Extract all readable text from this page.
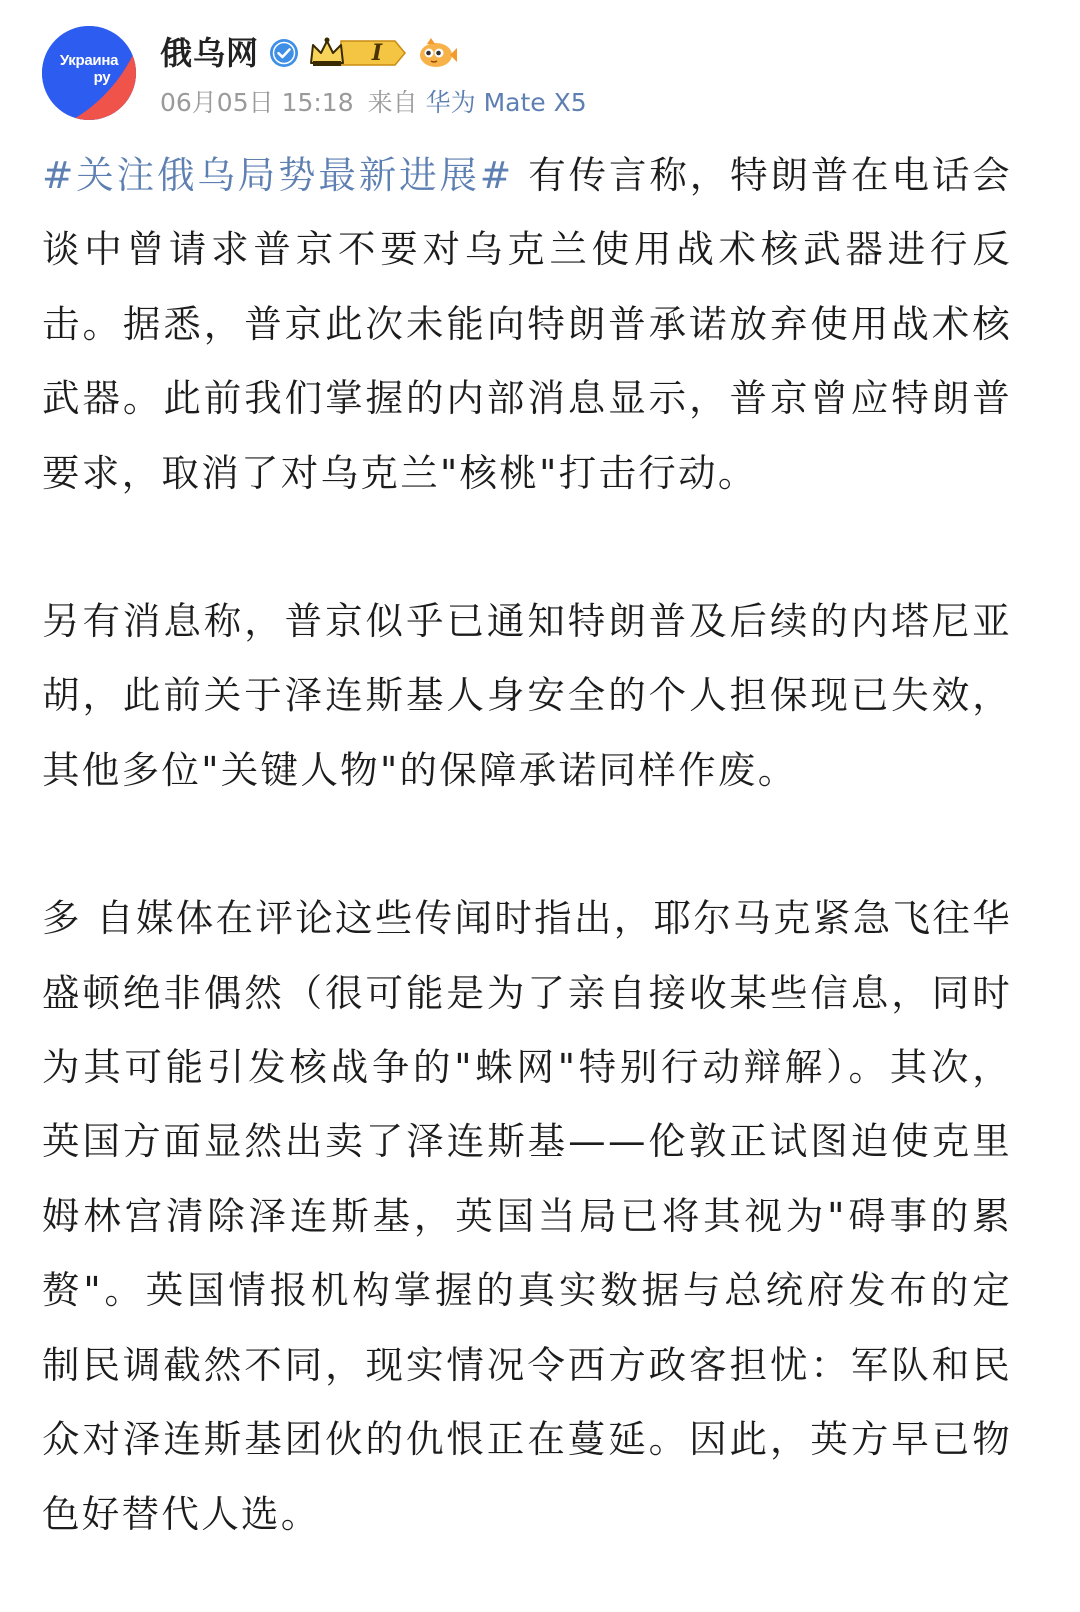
Украина
ру
俄乌网	I
06月05日 15:18 来自 华为 Mate X5

#关注俄乌局势最新进展# 有传言称，特朗普在电话会谈中曾请求普京不要对乌克兰使用战术核武器进行反击。据悉，普京此次未能向特朗普承诺放弃使用战术核武器。此前我们掌握的内部消息显示，普京曾应特朗普要求，取消了对乌克兰"核桃"打击行动。

另有消息称，普京似乎已通知特朗普及后续的内塔尼亚胡，此前关于泽连斯基人身安全的个人担保现已失效，其他多位"关键人物"的保障承诺同样作废。

多 自媒体在评论这些传闻时指出，耶尔马克紧急飞往华盛顿绝非偶然（很可能是为了亲自接收某些信息，同时为其可能引发核战争的"蛛网"特别行动辩解）。其次，英国方面显然出卖了泽连斯基——伦敦正试图迫使克里姆林宫清除泽连斯基，英国当局已将其视为"碍事的累赘"。英国情报机构掌握的真实数据与总统府发布的定制民调截然不同，现实情况令西方政客担忧：军队和民众对泽连斯基团伙的仇恨正在蔓延。因此，英方早已物色好替代人选。
